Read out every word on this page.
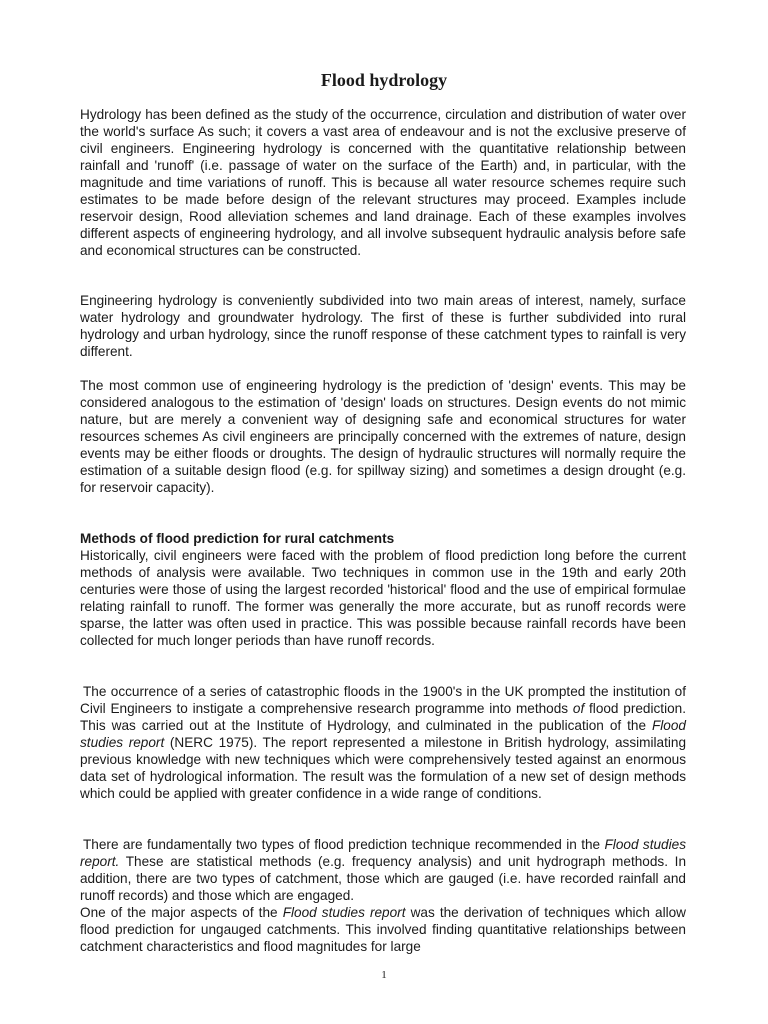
Flood hydrology

Hydrology has been defined as the study of the occurrence, circulation and distribution of water over the world's surface As such; it covers a vast area of endeavour and is not the exclusive preserve of civil engineers. Engineering hydrology is concerned with the quantitative relationship between rainfall and 'runoff' (i.e. passage of water on the surface of the Earth) and, in particular, with the magnitude and time variations of runoff. This is because all water resource schemes require such estimates to be made before design of the relevant structures may proceed. Examples include reservoir design, Rood alleviation schemes and land drainage. Each of these examples involves different aspects of engineering hydrology, and all involve subsequent hydraulic analysis before safe and economical structures can be constructed.

Engineering hydrology is conveniently subdivided into two main areas of interest, namely, surface water hydrology and groundwater hydrology. The first of these is further subdivided into rural hydrology and urban hydrology, since the runoff response of these catchment types to rainfall is very different.

The most common use of engineering hydrology is the prediction of 'design' events. This may be considered analogous to the estimation of 'design' loads on structures. Design events do not mimic nature, but are merely a convenient way of designing safe and economical structures for water resources schemes As civil engineers are principally concerned with the extremes of nature, design events may be either floods or droughts. The design of hydraulic structures will normally require the estimation of a suitable design flood (e.g. for spillway sizing) and sometimes a design drought (e.g. for reservoir capacity).

Methods of flood prediction for rural catchments

Historically, civil engineers were faced with the problem of flood prediction long before the current methods of analysis were available. Two techniques in common use in the 19th and early 20th centuries were those of using the largest recorded 'historical' flood and the use of empirical formulae relating rainfall to runoff. The former was generally the more accurate, but as runoff records were sparse, the latter was often used in practice. This was possible because rainfall records have been collected for much longer periods than have runoff records.

The occurrence of a series of catastrophic floods in the 1900's in the UK prompted the institution of Civil Engineers to instigate a comprehensive research programme into methods of flood prediction. This was carried out at the Institute of Hydrology, and culminated in the publication of the Flood studies report (NERC 1975). The report represented a milestone in British hydrology, assimilating previous knowledge with new techniques which were comprehensively tested against an enormous data set of hydrological information. The result was the formulation of a new set of design methods which could be applied with greater confidence in a wide range of conditions.

There are fundamentally two types of flood prediction technique recommended in the Flood studies report. These are statistical methods (e.g. frequency analysis) and unit hydrograph methods. In addition, there are two types of catchment, those which are gauged (i.e. have recorded rainfall and runoff records) and those which are engaged.

One of the major aspects of the Flood studies report was the derivation of techniques which allow flood prediction for ungauged catchments. This involved finding quantitative relationships between catchment characteristics and flood magnitudes for large

1
